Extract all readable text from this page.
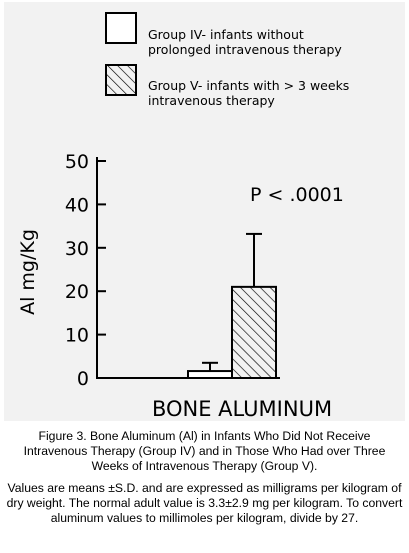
Group IV- infants without
prolonged intravenous therapy
Group V- infants with > 3 weeks
intravenous therapy
P < .0001
Al mg/Kg
0
10
20
30
40
50
BONE ALUMINUM
Figure 3. Bone Aluminum (Al) in Infants Who Did Not Receive Intravenous Therapy (Group IV) and in Those Who Had over Three Weeks of Intravenous Therapy (Group V).

Values are means ±S.D. and are expressed as milligrams per kilogram of dry weight. The normal adult value is 3.3±2.9 mg per kilogram. To convert aluminum values to millimoles per kilogram, divide by 27.
